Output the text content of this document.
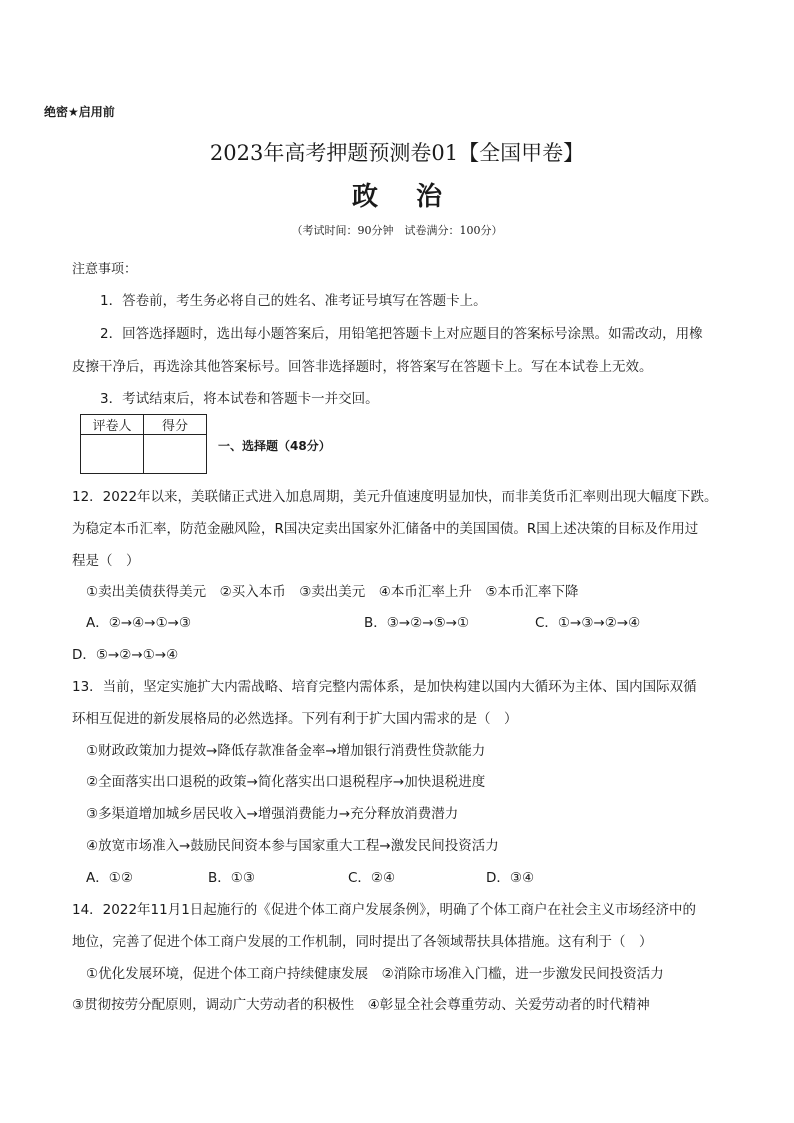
绝密★启用前
2023年高考押题预测卷01【全国甲卷】
政治
（考试时间：90分钟　试卷满分：100分）
注意事项：
1．答卷前，考生务必将自己的姓名、准考证号填写在答题卡上。
2．回答选择题时，选出每小题答案后，用铅笔把答题卡上对应题目的答案标号涂黑。如需改动，用橡
皮擦干净后，再选涂其他答案标号。回答非选择题时，将答案写在答题卡上。写在本试卷上无效。
3．考试结束后，将本试卷和答题卡一并交回。
评卷人	得分

一、选择题（48分）
12．2022年以来，美联储正式进入加息周期，美元升值速度明显加快，而非美货币汇率则出现大幅度下跌。
为稳定本币汇率，防范金融风险，R国决定卖出国家外汇储备中的美国国债。R国上述决策的目标及作用过
程是（　）
①卖出美债获得美元　②买入本币　③卖出美元　④本币汇率上升　⑤本币汇率下降
A．②→④→①→③	B．③→②→⑤→①	C．①→③→②→④
D．⑤→②→①→④
13．当前，坚定实施扩大内需战略、培育完整内需体系，是加快构建以国内大循环为主体、国内国际双循
环相互促进的新发展格局的必然选择。下列有利于扩大国内需求的是（　）
①财政政策加力提效→降低存款准备金率→增加银行消费性贷款能力
②全面落实出口退税的政策→简化落实出口退税程序→加快退税进度
③多渠道增加城乡居民收入→增强消费能力→充分释放消费潜力
④放宽市场准入→鼓励民间资本参与国家重大工程→激发民间投资活力
A．①②	B．①③	C．②④	D．③④
14．2022年11月1日起施行的《促进个体工商户发展条例》，明确了个体工商户在社会主义市场经济中的
地位，完善了促进个体工商户发展的工作机制，同时提出了各领域帮扶具体措施。这有利于（　）
①优化发展环境，促进个体工商户持续健康发展　②消除市场准入门槛，进一步激发民间投资活力
③贯彻按劳分配原则，调动广大劳动者的积极性　④彰显全社会尊重劳动、关爱劳动者的时代精神
